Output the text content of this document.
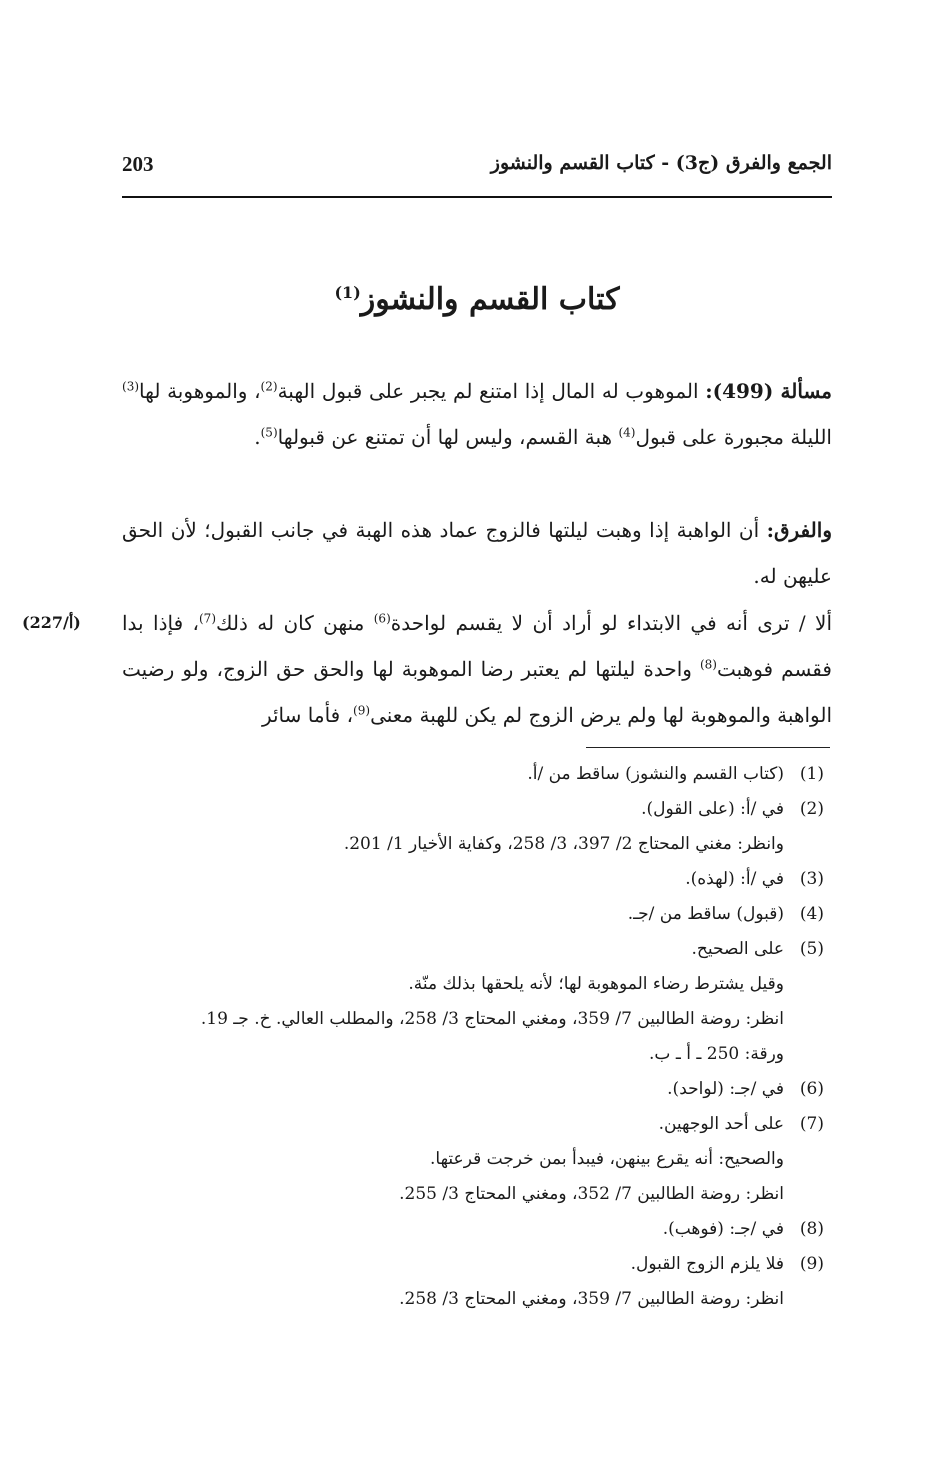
الجمع والفرق (ج3) - كتاب القسم والنشوز
203
كتاب القسم والنشوز$^{(1)}$

مسألة (499): الموهوب له المال إذا امتنع لم يجبر على قبول الهبة$^{(2)}$، والموهوبة لها$^{(3)}$ الليلة مجبورة على قبول$^{(4)}$ هبة القسم، وليس لها أن تمتنع عن قبولها$^{(5)}$.

والفرق: أن الواهبة إذا وهبت ليلتها فالزوج عماد هذه الهبة في جانب القبول؛ لأن الحق عليهن له.

ألا / ترى أنه في الابتداء لو أراد أن لا يقسم لواحدة$^{(6)}$ منهن كان له ذلك$^{(7)}$، فإذا بدا فقسم فوهبت$^{(8)}$ واحدة ليلتها لم يعتبر رضا الموهوبة لها والحق حق الزوج، ولو رضيت الواهبة والموهوبة لها ولم يرض الزوج لم يكن للهبة معنى$^{(9)}$، فأما سائر

(227/أ)
(1)
(كتاب القسم والنشوز) ساقط من /أ.
(2)
في /أ: (على القول).
وانظر: مغني المحتاج 2/ 397، 3/ 258، وكفاية الأخيار 1/ 201.
(3)
في /أ: (لهذه).
(4)
(قبول) ساقط من /جـ.
(5)
على الصحيح.
وقيل يشترط رضاء الموهوبة لها؛ لأنه يلحقها بذلك منّة.
انظر: روضة الطالبين 7/ 359، ومغني المحتاج 3/ 258، والمطلب العالي. خ. جـ 19.
ورقة: 250 ـ أ ـ ب.
(6)
في /جـ: (لواحد).
(7)
على أحد الوجهين.
والصحيح: أنه يقرع بينهن، فيبدأ بمن خرجت قرعتها.
انظر: روضة الطالبين 7/ 352، ومغني المحتاج 3/ 255.
(8)
في /جـ: (فوهب).
(9)
فلا يلزم الزوج القبول.
انظر: روضة الطالبين 7/ 359، ومغني المحتاج 3/ 258.
